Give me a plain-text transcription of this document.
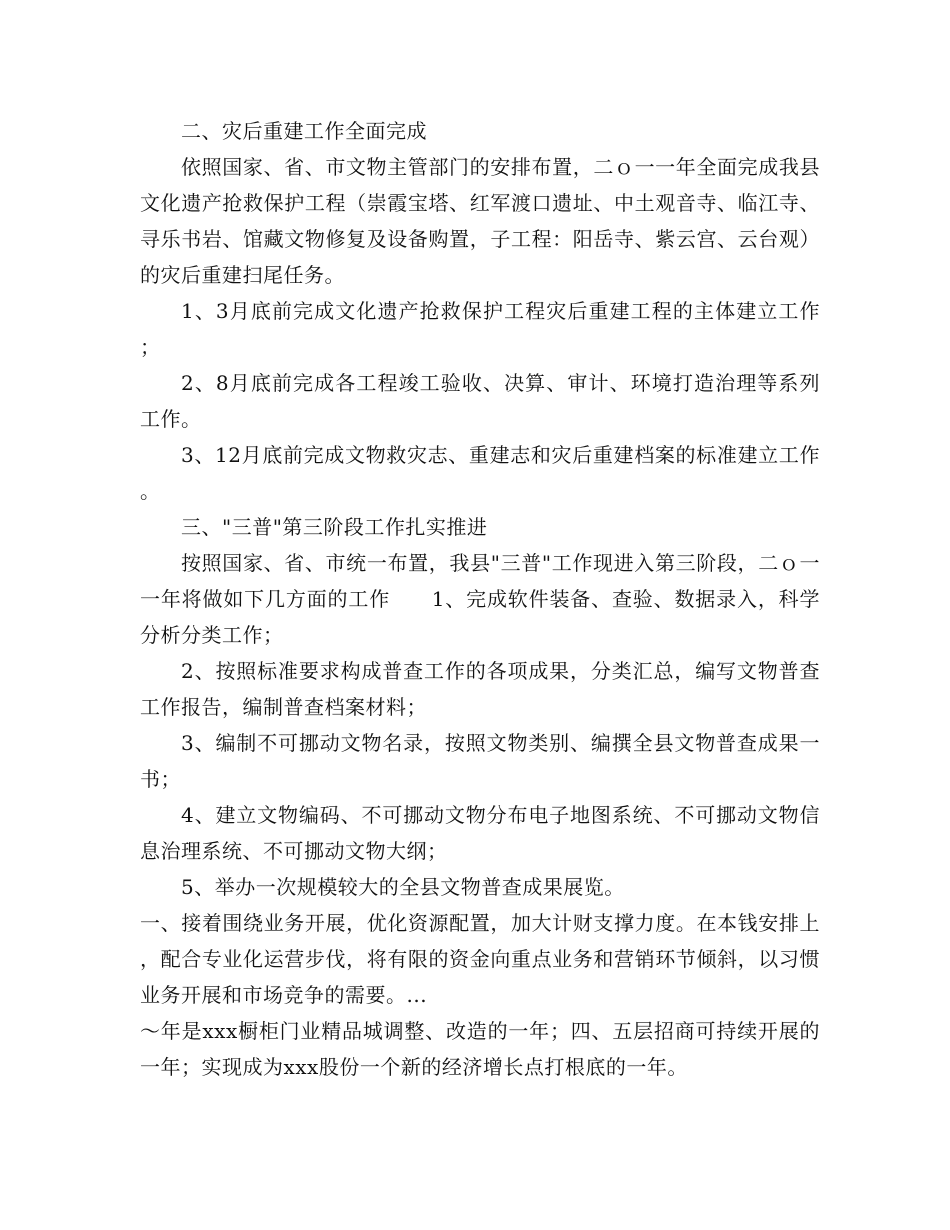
二、灾后重建工作全面完成

依照国家、省、市文物主管部门的安排布置，二ｏ一一年全面完成我县文化遗产抢救保护工程（崇霞宝塔、红军渡口遗址、中土观音寺、临江寺、寻乐书岩、馆藏文物修复及设备购置，子工程：阳岳寺、紫云宫、云台观）的灾后重建扫尾任务。

1、3月底前完成文化遗产抢救保护工程灾后重建工程的主体建立工作；

2、8月底前完成各工程竣工验收、决算、审计、环境打造治理等系列工作。

3、12月底前完成文物救灾志、重建志和灾后重建档案的标准建立工作。

三、"三普"第三阶段工作扎实推进

按照国家、省、市统一布置，我县"三普"工作现进入第三阶段，二ｏ一一年将做如下几方面的工作　　1、完成软件装备、查验、数据录入，科学分析分类工作；

2、按照标准要求构成普查工作的各项成果，分类汇总，编写文物普查工作报告，编制普查档案材料；

3、编制不可挪动文物名录，按照文物类别、编撰全县文物普查成果一书；

4、建立文物编码、不可挪动文物分布电子地图系统、不可挪动文物信息治理系统、不可挪动文物大纲；

5、举办一次规模较大的全县文物普查成果展览。

一、接着围绕业务开展，优化资源配置，加大计财支撑力度。在本钱安排上，配合专业化运营步伐，将有限的资金向重点业务和营销环节倾斜，以习惯业务开展和市场竞争的需要。...

～年是xxx橱柜门业精品城调整、改造的一年；四、五层招商可持续开展的一年；实现成为xxx股份一个新的经济增长点打根底的一年。
